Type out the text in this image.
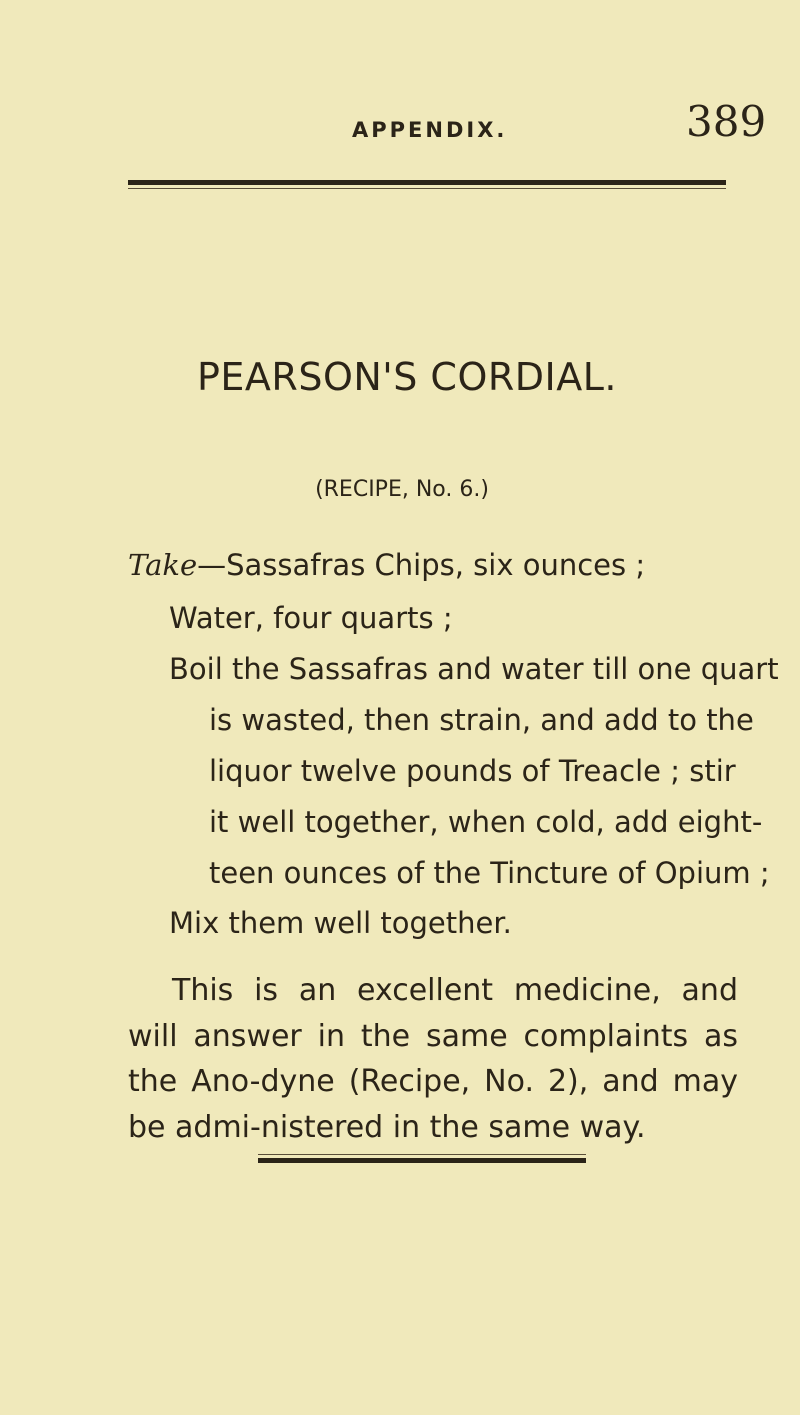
APPENDIX.	389
PEARSON'S CORDIAL.
(RECIPE, No. 6.)
Take—Sassafras Chips, six ounces ;
Water, four quarts ;
Boil the Sassafras and water till one quart
is wasted, then strain, and add to the
liquor twelve pounds of Treacle ; stir
it well together, when cold, add eight-
teen ounces of the Tincture of Opium ;
Mix them well together.
This is an excellent medicine, and will answer in the same complaints as the Ano-dyne (Recipe, No. 2), and may be admi-nistered in the same way.
